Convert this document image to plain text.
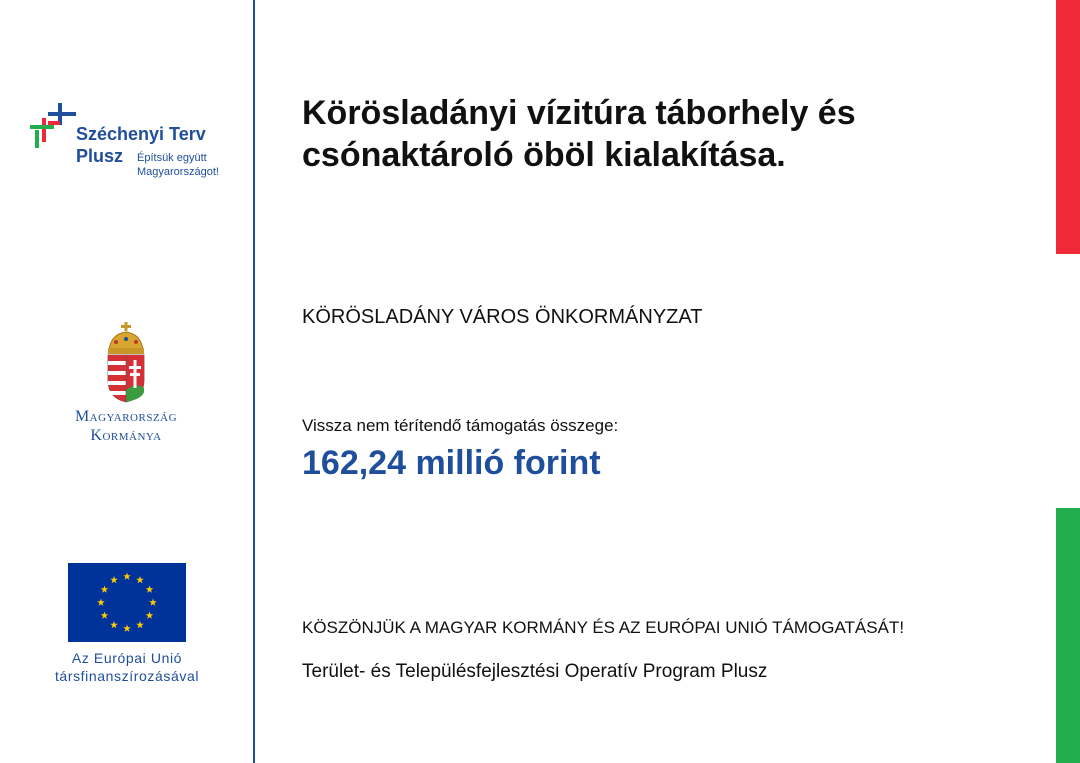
Széchenyi Terv
Plusz Építsük együtt
Magyarországot!
Magyarország
Kormánya
Az Európai Unió
társfinanszírozásával
Körösladányi vízitúra táborhely és csónaktároló öböl kialakítása.
KÖRÖSLADÁNY VÁROS ÖNKORMÁNYZAT
Vissza nem térítendő támogatás összege:
162,24 millió forint
KÖSZÖNJÜK A MAGYAR KORMÁNY ÉS AZ EURÓPAI UNIÓ TÁMOGATÁSÁT!
Terület- és Településfejlesztési Operatív Program Plusz
